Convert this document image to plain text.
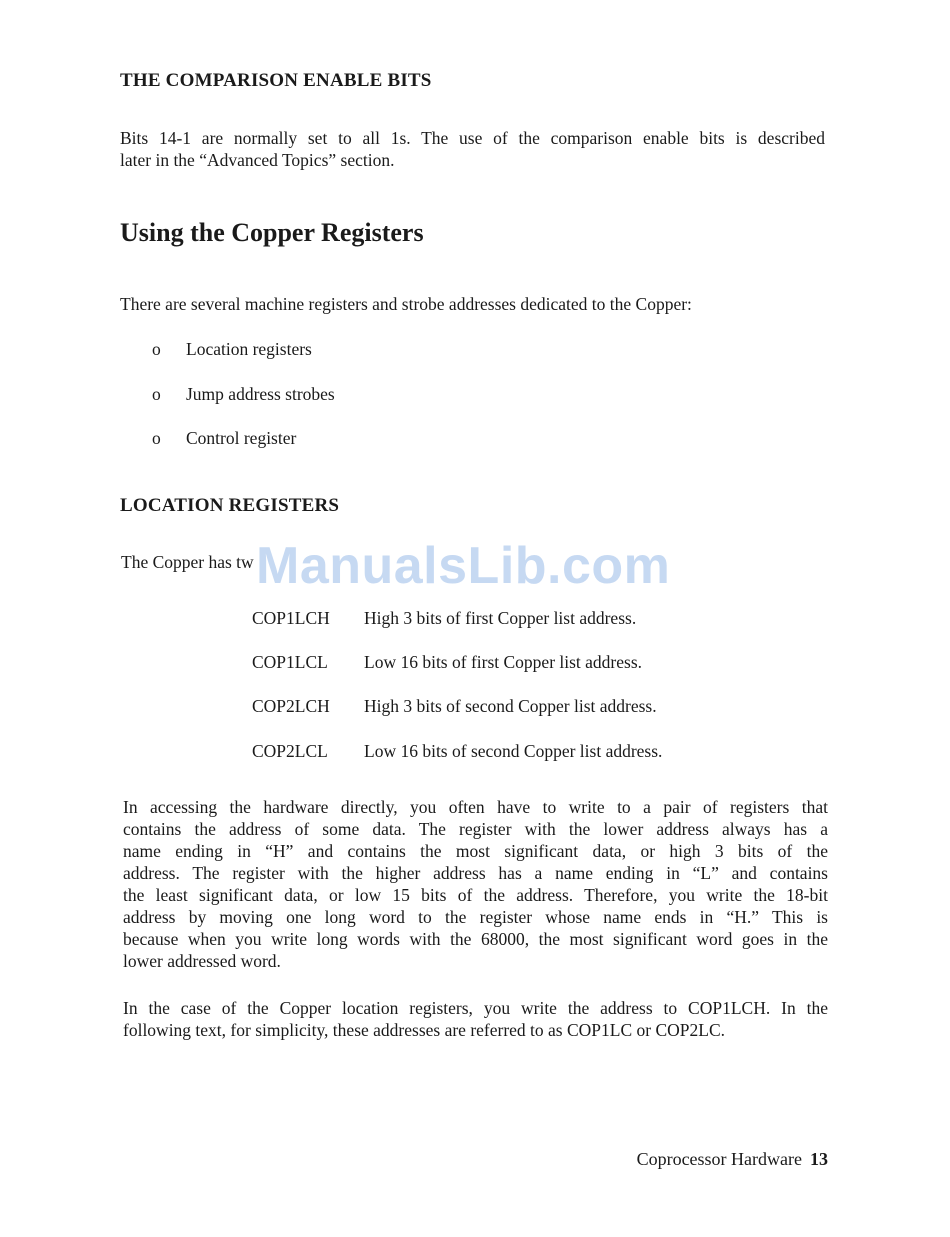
THE COMPARISON ENABLE BITS
Bits 14-1 are normally set to all 1s. The use of the comparison enable bits is described
later in the “Advanced Topics” section.
Using the Copper Registers
There are several machine registers and strobe addresses dedicated to the Copper:
o Location registers
o Jump address strobes
o Control register
LOCATION REGISTERS
The Copper has tw
COP1LCH High 3 bits of first Copper list address.
COP1LCL Low 16 bits of first Copper list address.
COP2LCH High 3 bits of second Copper list address.
COP2LCL Low 16 bits of second Copper list address.
In accessing the hardware directly, you often have to write to a pair of registers that
contains the address of some data. The register with the lower address always has a
name ending in “H” and contains the most significant data, or high 3 bits of the
address. The register with the higher address has a name ending in “L” and contains
the least significant data, or low 15 bits of the address. Therefore, you write the 18-bit
address by moving one long word to the register whose name ends in “H.” This is
because when you write long words with the 68000, the most significant word goes in the
lower addressed word.
In the case of the Copper location registers, you write the address to COP1LCH. In the
following text, for simplicity, these addresses are referred to as COP1LC or COP2LC.
ManualsLib.com
Coprocessor Hardware 13
